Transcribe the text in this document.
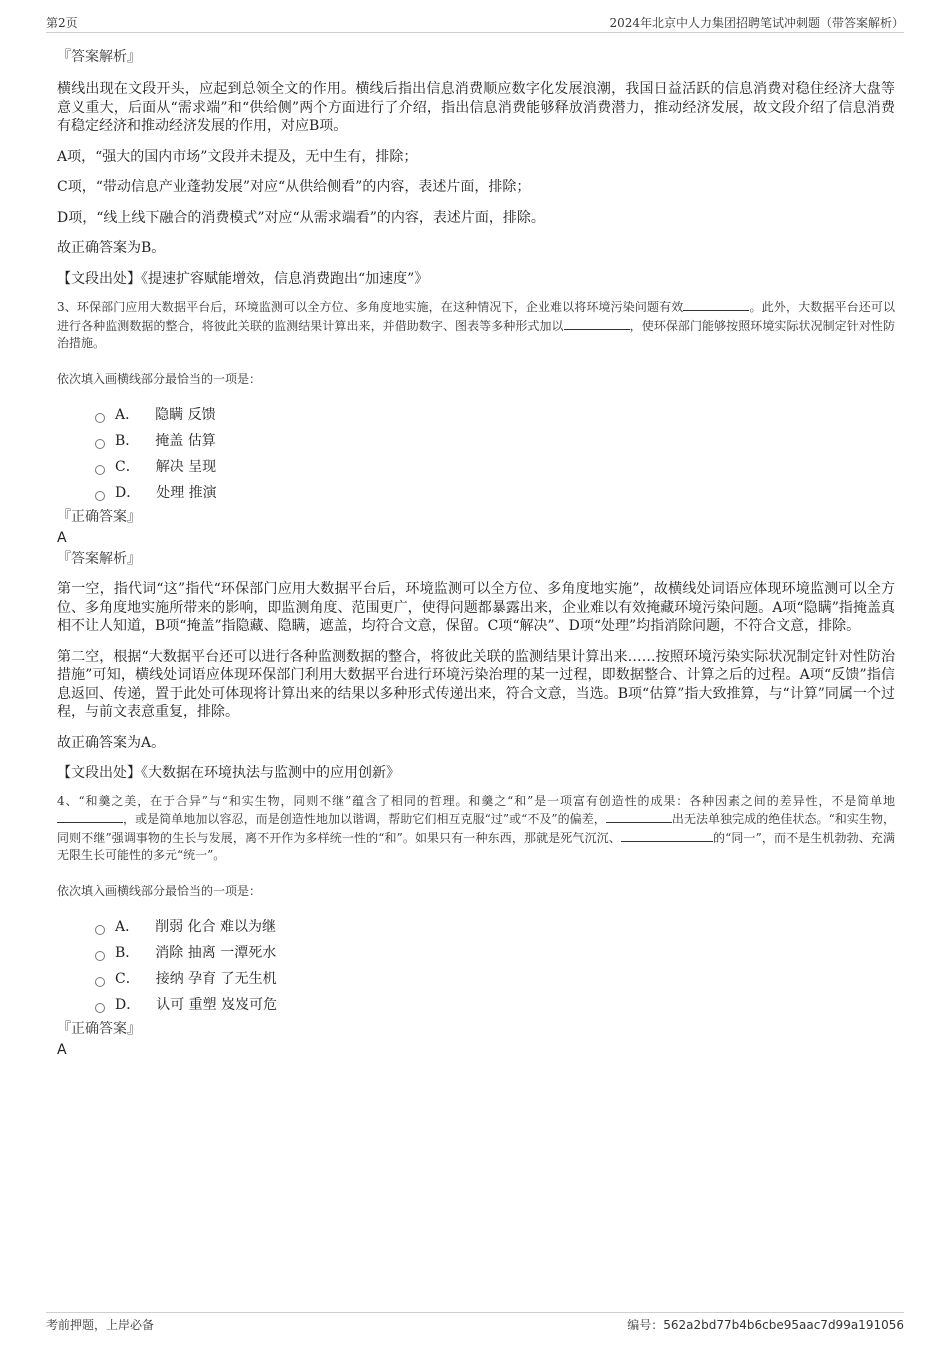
第2页	2024年北京中人力集团招聘笔试冲刺题（带答案解析）

『答案解析』

横线出现在文段开头，应起到总领全文的作用。横线后指出信息消费顺应数字化发展浪潮，我国日益活跃的信息消费对稳住经济大盘等意义重大，后面从“需求端”和“供给侧”两个方面进行了介绍，指出信息消费能够释放消费潜力，推动经济发展，故文段介绍了信息消费有稳定经济和推动经济发展的作用，对应B项。

A项，“强大的国内市场”文段并未提及，无中生有，排除；

C项，“带动信息产业蓬勃发展”对应“从供给侧看”的内容，表述片面，排除；

D项，“线上线下融合的消费模式”对应“从需求端看”的内容，表述片面，排除。

故正确答案为B。

【文段出处】《提速扩容赋能增效，信息消费跑出“加速度”》

3、环保部门应用大数据平台后，环境监测可以全方位、多角度地实施，在这种情况下，企业难以将环境污染问题有效	。此外，大数据平台还可以进行各种监测数据的整合，将彼此关联的监测结果计算出来，并借助数字、图表等多种形式加以	，使环保部门能够按照环境实际状况制定针对性防治措施。

依次填入画横线部分最恰当的一项是：

A． 隐瞒 反馈
B． 掩盖 估算
C． 解决 呈现
D． 处理 推演

『正确答案』

A

『答案解析』

第一空，指代词“这”指代“环保部门应用大数据平台后，环境监测可以全方位、多角度地实施”，故横线处词语应体现环境监测可以全方位、多角度地实施所带来的影响，即监测角度、范围更广，使得问题都暴露出来，企业难以有效掩藏环境污染问题。A项“隐瞒”指掩盖真相不让人知道，B项“掩盖”指隐藏、隐瞒，遮盖，均符合文意，保留。C项“解决”、D项“处理”均指消除问题，不符合文意，排除。

第二空，根据“大数据平台还可以进行各种监测数据的整合，将彼此关联的监测结果计算出来……按照环境污染实际状况制定针对性防治措施”可知，横线处词语应体现环保部门利用大数据平台进行环境污染治理的某一过程，即数据整合、计算之后的过程。A项“反馈”指信息返回、传递，置于此处可体现将计算出来的结果以多种形式传递出来，符合文意，当选。B项“估算”指大致推算，与“计算”同属一个过程，与前文表意重复，排除。

故正确答案为A。

【文段出处】《大数据在环境执法与监测中的应用创新》

4、“和羹之美，在于合异”与“和实生物，同则不继”蕴含了相同的哲理。和羹之“和”是一项富有创造性的成果：各种因素之间的差异性，不是简单地，或是简单地加以容忍，而是创造性地加以谐调，帮助它们相互克服“过”或“不及”的偏差，	出无法单独完成的绝佳状态。“和实生物，同则不继”强调事物的生长与发展，离不开作为多样统一性的“和”。如果只有一种东西，那就是死气沉沉、	的“同一”，而不是生机勃勃、充满无限生长可能性的多元“统一”。

依次填入画横线部分最恰当的一项是：

A． 削弱 化合 难以为继
B． 消除 抽离 一潭死水
C． 接纳 孕育 了无生机
D． 认可 重塑 岌岌可危

『正确答案』

A

考前押题，上岸必备	编号：562a2bd77b4b6cbe95aac7d99a191056
